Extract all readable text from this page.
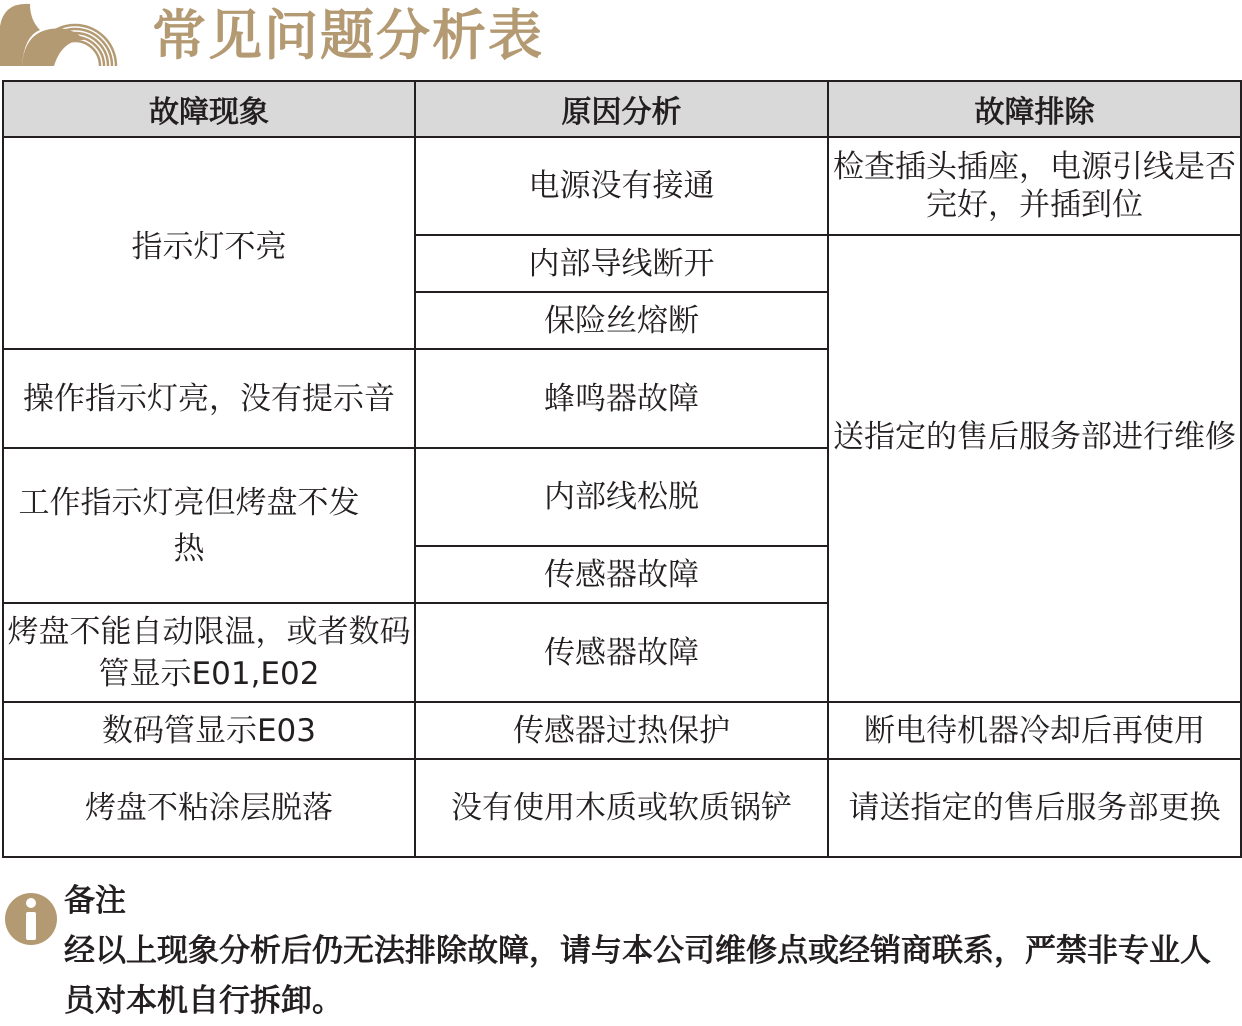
常见问题分析表
故障现象	原因分析	故障排除
指示灯不亮	电源没有接通	检查插头插座，电源引线是否完好，并插到位
	内部导线断开	送指定的售后服务部进行维修
	保险丝熔断	
操作指示灯亮，没有提示音	蜂鸣器故障	
工作指示灯亮但烤盘不发热	内部线松脱	
	传感器故障	
烤盘不能自动限温，或者数码管显示E01,E02	传感器故障	
数码管显示E03	传感器过热保护	断电待机器冷却后再使用
烤盘不粘涂层脱落	没有使用木质或软质锅铲	请送指定的售后服务部更换
备注
经以上现象分析后仍无法排除故障，请与本公司维修点或经销商联系，严禁非专业人员对本机自行拆卸。
